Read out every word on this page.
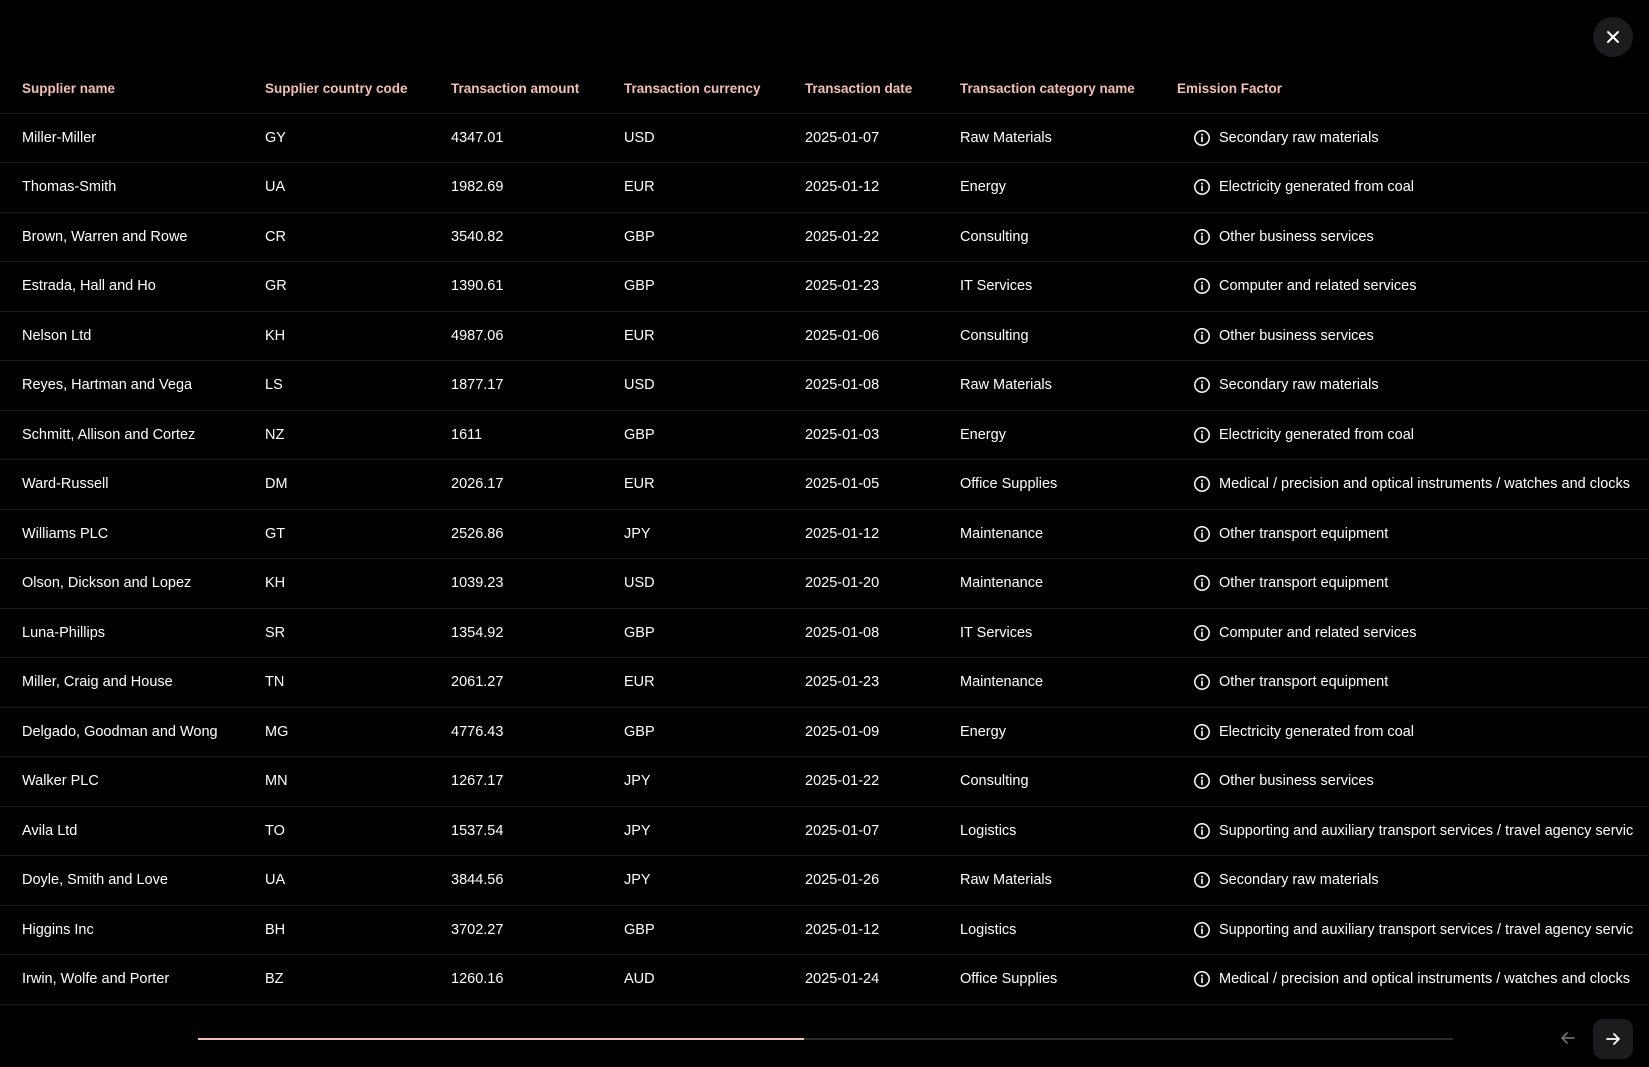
Supplier name	Supplier country code	Transaction amount	Transaction currency	Transaction date	Transaction category name	Emission Factor
Miller-Miller	GY	4347.01	USD	2025-01-07	Raw Materials	Secondary raw materials
Thomas-Smith	UA	1982.69	EUR	2025-01-12	Energy	Electricity generated from coal
Brown, Warren and Rowe	CR	3540.82	GBP	2025-01-22	Consulting	Other business services
Estrada, Hall and Ho	GR	1390.61	GBP	2025-01-23	IT Services	Computer and related services
Nelson Ltd	KH	4987.06	EUR	2025-01-06	Consulting	Other business services
Reyes, Hartman and Vega	LS	1877.17	USD	2025-01-08	Raw Materials	Secondary raw materials
Schmitt, Allison and Cortez	NZ	1611	GBP	2025-01-03	Energy	Electricity generated from coal
Ward-Russell	DM	2026.17	EUR	2025-01-05	Office Supplies	Medical / precision and optical instruments / watches and clocks
Williams PLC	GT	2526.86	JPY	2025-01-12	Maintenance	Other transport equipment
Olson, Dickson and Lopez	KH	1039.23	USD	2025-01-20	Maintenance	Other transport equipment
Luna-Phillips	SR	1354.92	GBP	2025-01-08	IT Services	Computer and related services
Miller, Craig and House	TN	2061.27	EUR	2025-01-23	Maintenance	Other transport equipment
Delgado, Goodman and Wong	MG	4776.43	GBP	2025-01-09	Energy	Electricity generated from coal
Walker PLC	MN	1267.17	JPY	2025-01-22	Consulting	Other business services
Avila Ltd	TO	1537.54	JPY	2025-01-07	Logistics	Supporting and auxiliary transport services / travel agency servic
Doyle, Smith and Love	UA	3844.56	JPY	2025-01-26	Raw Materials	Secondary raw materials
Higgins Inc	BH	3702.27	GBP	2025-01-12	Logistics	Supporting and auxiliary transport services / travel agency servic
Irwin, Wolfe and Porter	BZ	1260.16	AUD	2025-01-24	Office Supplies	Medical / precision and optical instruments / watches and clocks
